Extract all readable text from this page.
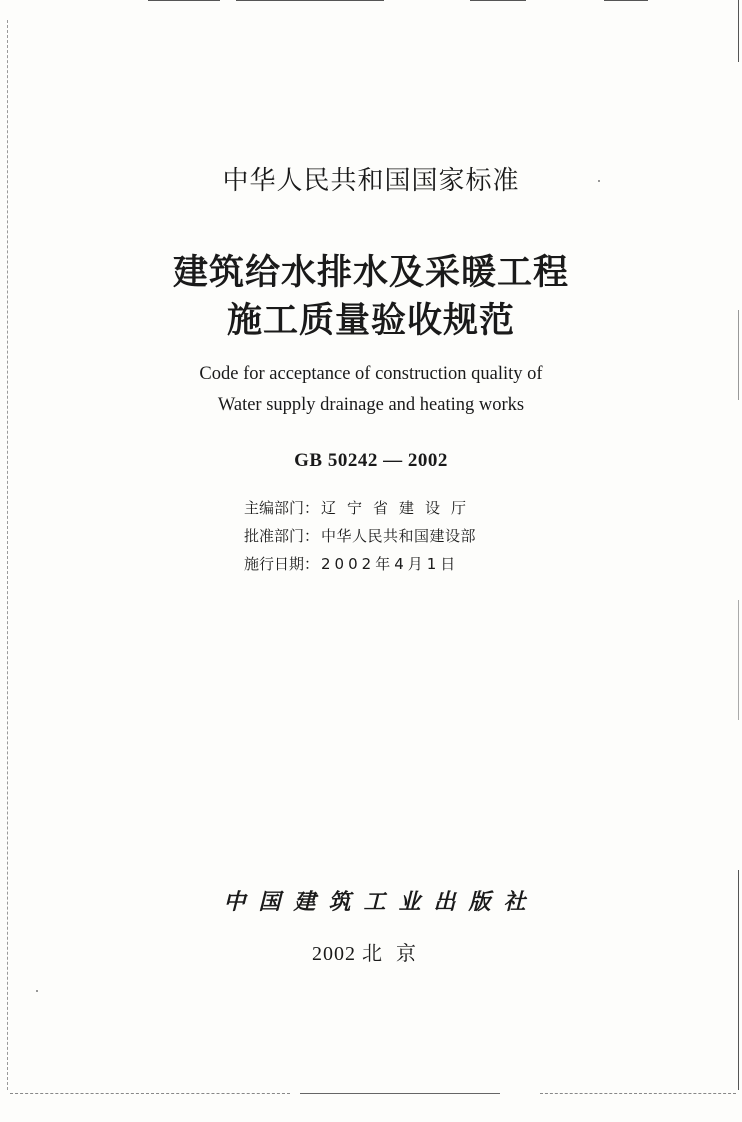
中华人民共和国国家标准
建筑给水排水及采暖工程
施工质量验收规范
Code for acceptance of construction quality of
Water supply drainage and heating works
GB 50242 — 2002
主编部门： 辽宁省建设厅
批准部门： 中华人民共和国建设部
施行日期： 2002年4月1日
中国建筑工业出版社
2002 北京
